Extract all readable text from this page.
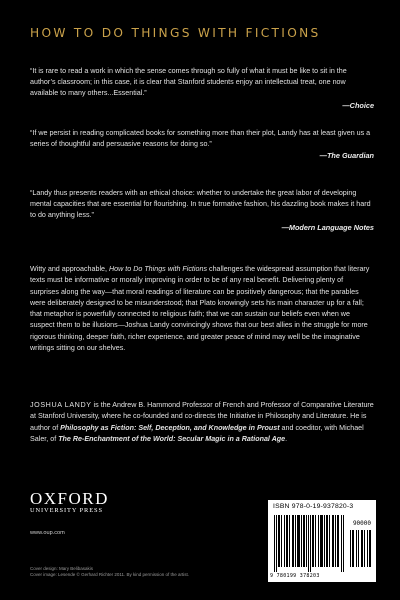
HOW TO DO THINGS WITH FICTIONS

“It is rare to read a work in which the sense comes through so fully of what it must be like to sit in the author’s classroom; in this case, it is clear that Stanford students enjoy an intellectual treat, one now available to many others...Essential.”

—Choice

“If we persist in reading complicated books for something more than their plot, Landy has at least given us a series of thoughtful and persuasive reasons for doing so.”

—The Guardian

“Landy thus presents readers with an ethical choice: whether to undertake the great labor of developing mental capacities that are essential for flourishing. In true formative fashion, his dazzling book makes it hard to do anything less.”

—Modern Language Notes

Witty and approachable, How to Do Things with Fictions challenges the widespread assumption that literary texts must be informative or morally improving in order to be of any real benefit. Delivering plenty of surprises along the way—that moral readings of literature can be positively dangerous; that the parables were deliberately designed to be misunderstood; that Plato knowingly sets his main character up for a fall; that metaphor is powerfully connected to religious faith; that we can sustain our beliefs even when we suspect them to be illusions—Joshua Landy convincingly shows that our best allies in the struggle for more rigorous thinking, deeper faith, richer experience, and greater peace of mind may well be the imaginative writings sitting on our shelves.

JOSHUA LANDY is the Andrew B. Hammond Professor of French and Professor of Comparative Literature at Stanford University, where he co-founded and co-directs the Initiative in Philosophy and Literature. He is author of Philosophy as Fiction: Self, Deception, and Knowledge in Proust and coeditor, with Michael Saler, of The Re-Enchantment of the World: Secular Magic in a Rational Age.

OXFORD
UNIVERSITY PRESS
www.oup.com
Cover design: Mary Belibasakis
Cover image: Lesende © Gerhard Richter 2011. By kind permission of the artist.
ISBN 978-0-19-937820-3
90000
9 780199 378203
